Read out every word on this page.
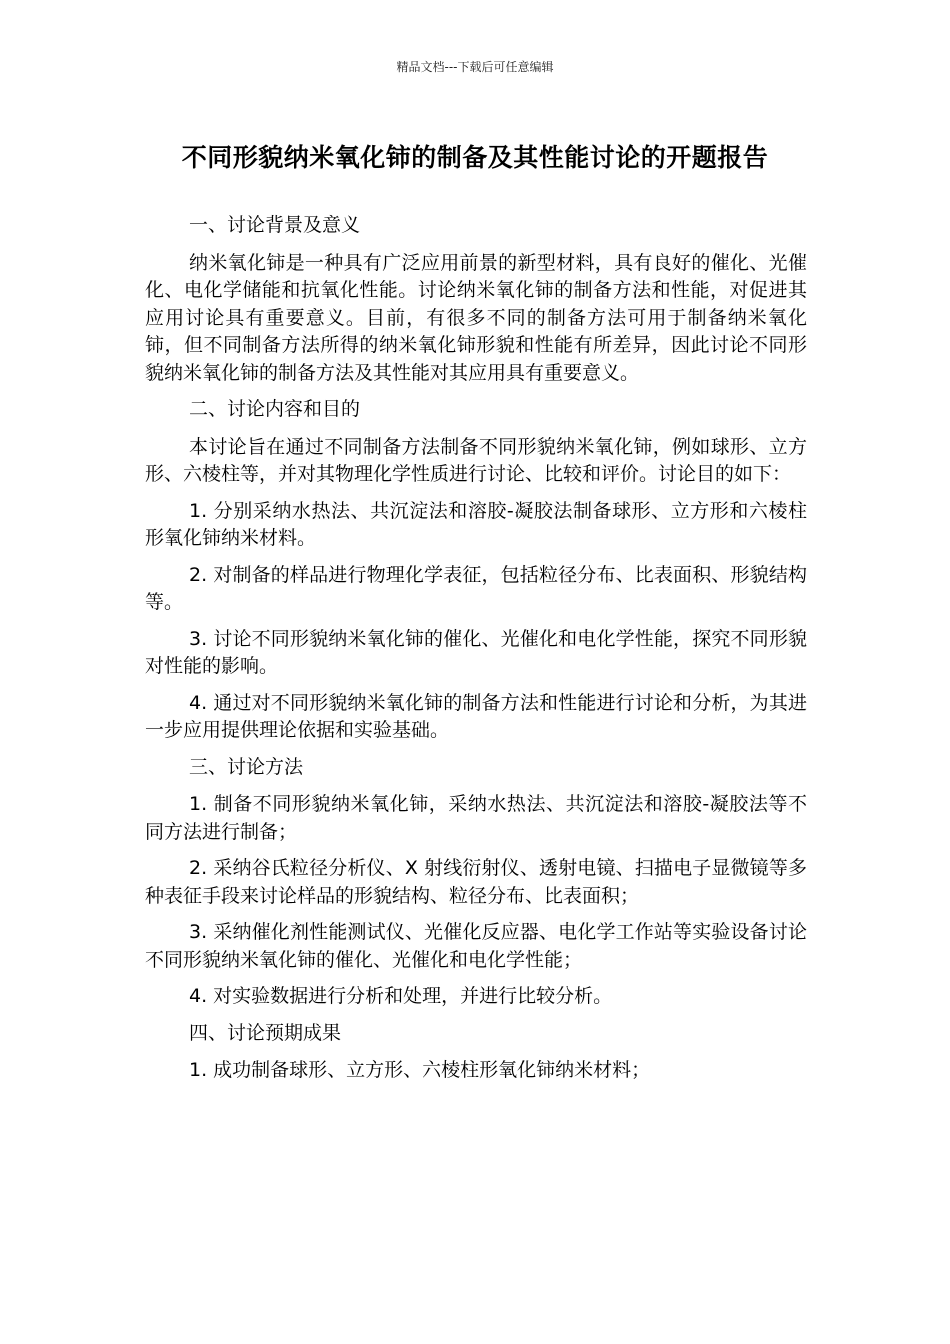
精品文档---下载后可任意编辑
不同形貌纳米氧化铈的制备及其性能讨论的开题报告

一、讨论背景及意义

纳米氧化铈是一种具有广泛应用前景的新型材料，具有良好的催化、光催化、电化学储能和抗氧化性能。讨论纳米氧化铈的制备方法和性能，对促进其应用讨论具有重要意义。目前，有很多不同的制备方法可用于制备纳米氧化铈，但不同制备方法所得的纳米氧化铈形貌和性能有所差异，因此讨论不同形貌纳米氧化铈的制备方法及其性能对其应用具有重要意义。

二、讨论内容和目的

本讨论旨在通过不同制备方法制备不同形貌纳米氧化铈，例如球形、立方形、六棱柱等，并对其物理化学性质进行讨论、比较和评价。讨论目的如下：

1. 分别采纳水热法、共沉淀法和溶胶-凝胶法制备球形、立方形和六棱柱形氧化铈纳米材料。

2. 对制备的样品进行物理化学表征，包括粒径分布、比表面积、形貌结构等。

3. 讨论不同形貌纳米氧化铈的催化、光催化和电化学性能，探究不同形貌对性能的影响。

4. 通过对不同形貌纳米氧化铈的制备方法和性能进行讨论和分析，为其进一步应用提供理论依据和实验基础。

三、讨论方法

1. 制备不同形貌纳米氧化铈，采纳水热法、共沉淀法和溶胶-凝胶法等不同方法进行制备；

2. 采纳谷氏粒径分析仪、X 射线衍射仪、透射电镜、扫描电子显微镜等多种表征手段来讨论样品的形貌结构、粒径分布、比表面积；

3. 采纳催化剂性能测试仪、光催化反应器、电化学工作站等实验设备讨论不同形貌纳米氧化铈的催化、光催化和电化学性能；

4. 对实验数据进行分析和处理，并进行比较分析。

四、讨论预期成果

1. 成功制备球形、立方形、六棱柱形氧化铈纳米材料；
